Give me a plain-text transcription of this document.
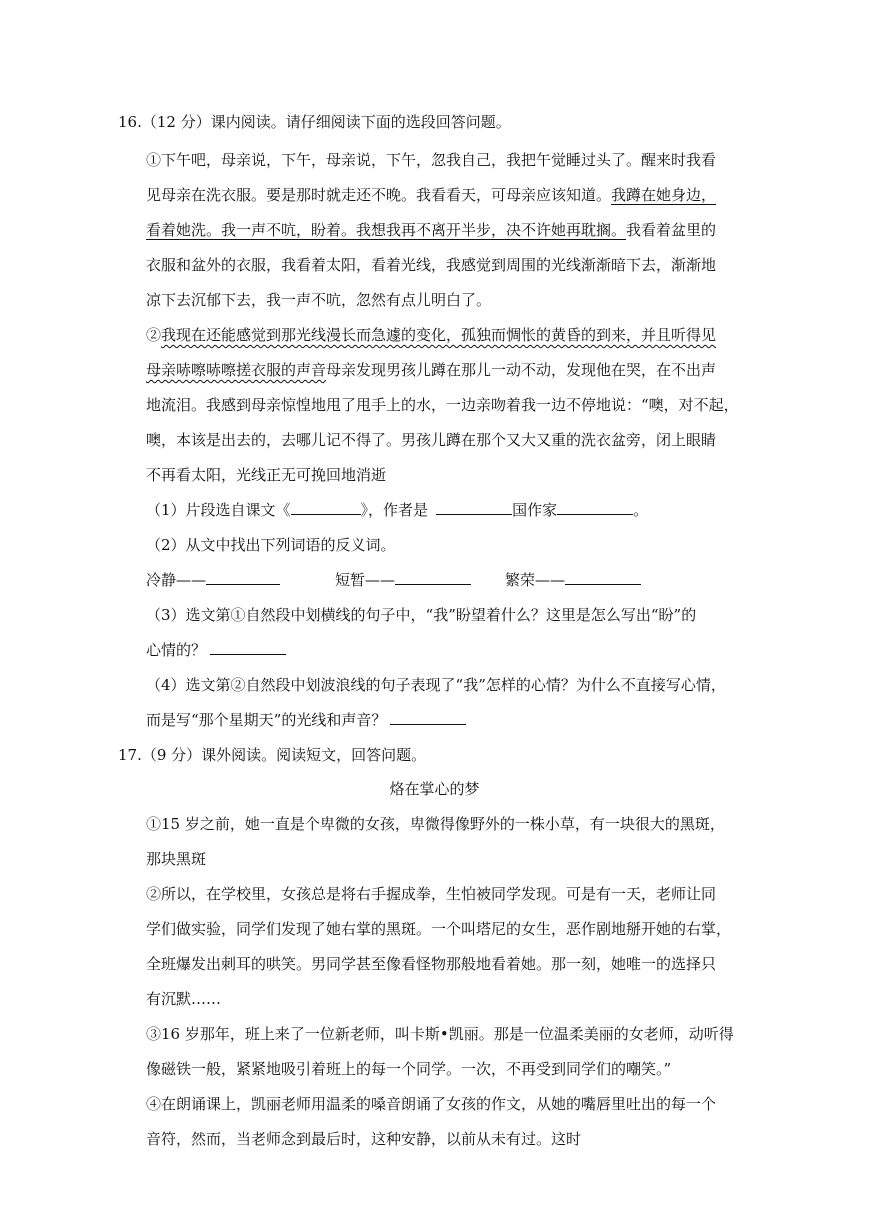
16.（12 分）课内阅读。请仔细阅读下面的选段回答问题。
①下午吧，母亲说，下午，母亲说，下午，忽我自己，我把午觉睡过头了。醒来时我看
见母亲在洗衣服。要是那时就走还不晚。我看看天，可母亲应该知道。我蹲在她身边，
看着她洗。我一声不吭，盼着。我想我再不离开半步，决不许她再耽搁。我看着盆里的
衣服和盆外的衣服，我看着太阳，看着光线，我感觉到周围的光线渐渐暗下去，渐渐地
凉下去沉郁下去，我一声不吭，忽然有点儿明白了。
②我现在还能感觉到那光线漫长而急遽的变化，孤独而惆怅的黄昏的到来，并且听得见
母亲哧嚓哧嚓搓衣服的声音母亲发现男孩儿蹲在那儿一动不动，发现他在哭，在不出声
地流泪。我感到母亲惊惶地甩了甩手上的水，一边亲吻着我一边不停地说：“噢，对不起，
噢，本该是出去的，去哪儿记不得了。男孩儿蹲在那个又大又重的洗衣盆旁，闭上眼睛
不再看太阳，光线正无可挽回地消逝
（1）片段选自课文《	》，作者是	国作家	。
（2）从文中找出下列词语的反义词。
冷静——	短暂——	繁荣——
（3）选文第①自然段中划横线的句子中，“我”盼望着什么？这里是怎么写出“盼”的
心情的？
（4）选文第②自然段中划波浪线的句子表现了“我”怎样的心情？为什么不直接写心情，
而是写“那个星期天”的光线和声音？
17.（9 分）课外阅读。阅读短文，回答问题。
烙在掌心的梦
①15 岁之前，她一直是个卑微的女孩，卑微得像野外的一株小草，有一块很大的黑斑，
那块黑斑
②所以，在学校里，女孩总是将右手握成拳，生怕被同学发现。可是有一天，老师让同
学们做实验，同学们发现了她右掌的黑斑。一个叫塔尼的女生，恶作剧地掰开她的右掌，
全班爆发出刺耳的哄笑。男同学甚至像看怪物那般地看着她。那一刻，她唯一的选择只
有沉默……
③16 岁那年，班上来了一位新老师，叫卡斯•凯丽。那是一位温柔美丽的女老师，动听得
像磁铁一般，紧紧地吸引着班上的每一个同学。一次，不再受到同学们的嘲笑。”
④在朗诵课上，凯丽老师用温柔的嗓音朗诵了女孩的作文，从她的嘴唇里吐出的每一个
音符，然而，当老师念到最后时，这种安静，以前从未有过。这时
